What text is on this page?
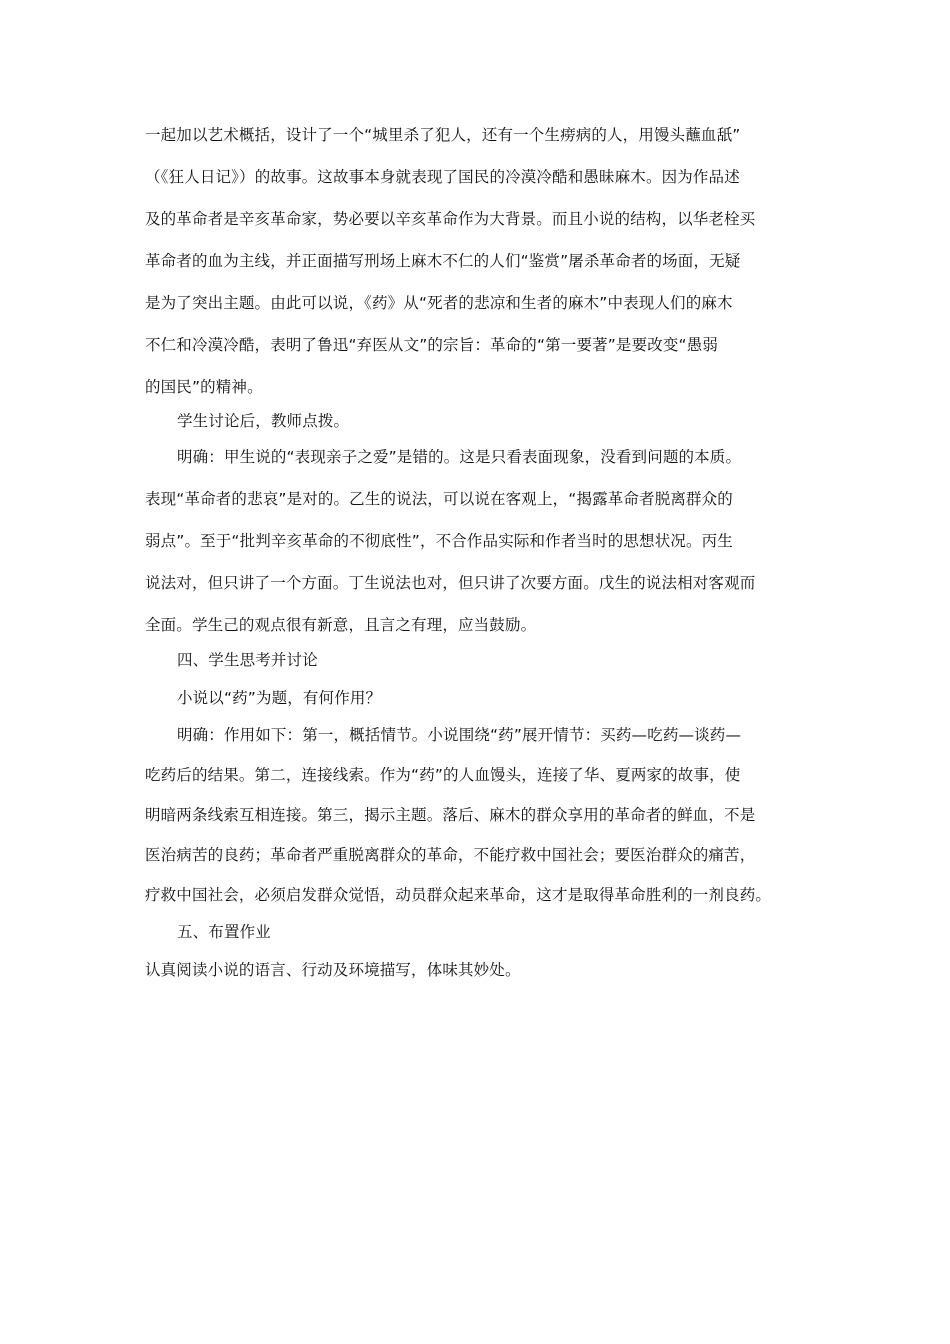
一起加以艺术概括，设计了一个“城里杀了犯人，还有一个生痨病的人，用馒头蘸血舐”
（《狂人日记》）的故事。这故事本身就表现了国民的冷漠冷酷和愚昧麻木。因为作品述
及的革命者是辛亥革命家，势必要以辛亥革命作为大背景。而且小说的结构，以华老栓买
革命者的血为主线，并正面描写刑场上麻木不仁的人们“鉴赏”屠杀革命者的场面，无疑
是为了突出主题。由此可以说，《药》从“死者的悲凉和生者的麻木”中表现人们的麻木
不仁和冷漠冷酷，表明了鲁迅“弃医从文”的宗旨：革命的“第一要著”是要改变“愚弱
的国民”的精神。
学生讨论后，教师点拨。
明确：甲生说的“表现亲子之爱”是错的。这是只看表面现象，没看到问题的本质。
表现“革命者的悲哀”是对的。乙生的说法，可以说在客观上，“揭露革命者脱离群众的
弱点”。至于“批判辛亥革命的不彻底性”，不合作品实际和作者当时的思想状况。丙生
说法对，但只讲了一个方面。丁生说法也对，但只讲了次要方面。戊生的说法相对客观而
全面。学生己的观点很有新意，且言之有理，应当鼓励。
四、学生思考并讨论
小说以“药”为题，有何作用？
明确：作用如下：第一，概括情节。小说围绕“药”展开情节：买药—吃药—谈药—
吃药后的结果。第二，连接线索。作为“药”的人血馒头，连接了华、夏两家的故事，使
明暗两条线索互相连接。第三，揭示主题。落后、麻木的群众享用的革命者的鲜血，不是
医治病苦的良药；革命者严重脱离群众的革命，不能疗救中国社会；要医治群众的痛苦，
疗救中国社会，必须启发群众觉悟，动员群众起来革命，这才是取得革命胜利的一剂良药。
五、布置作业
认真阅读小说的语言、行动及环境描写，体味其妙处。
